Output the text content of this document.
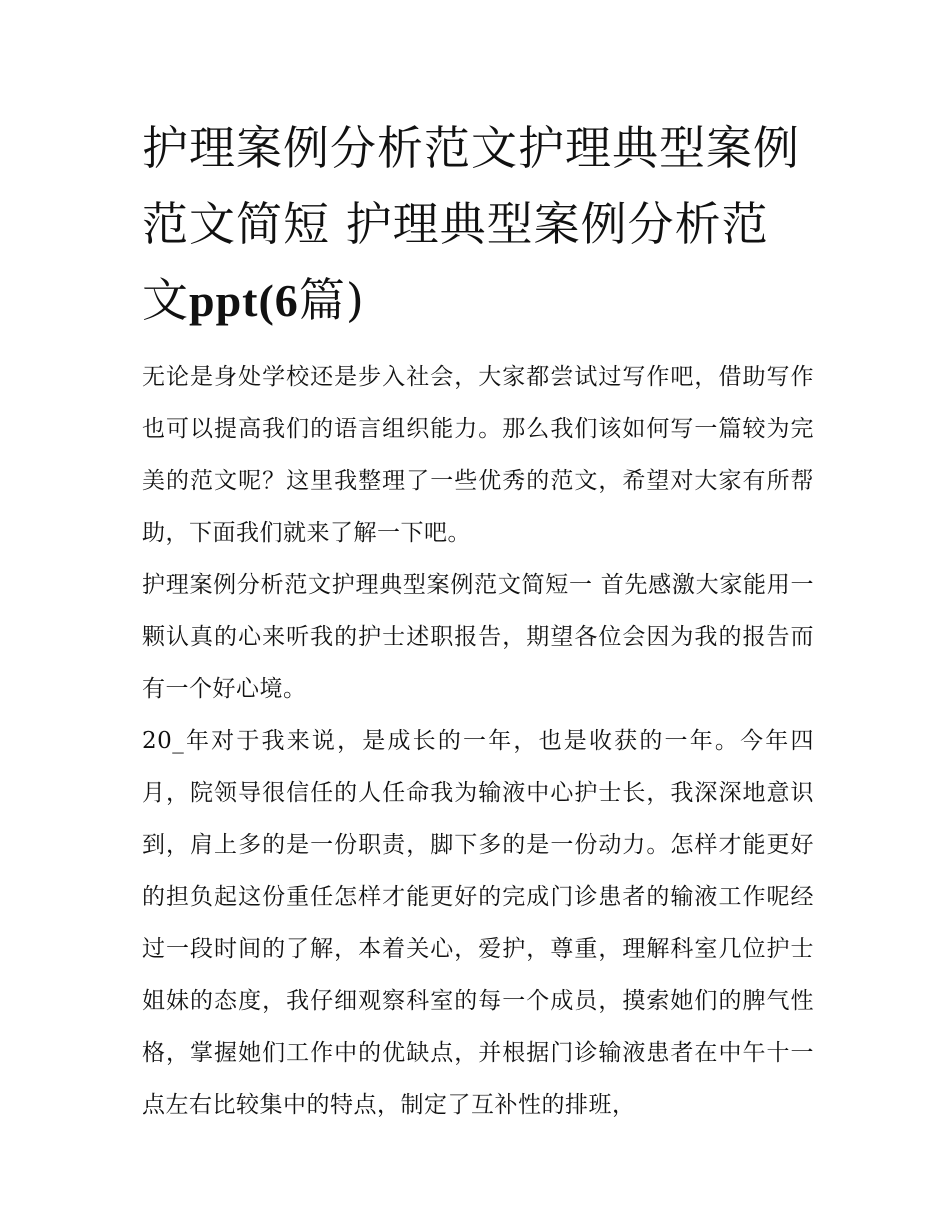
护理案例分析范文护理典型案例范文简短 护理典型案例分析范文ppt(6篇)

无论是身处学校还是步入社会，大家都尝试过写作吧，借助写作也可以提高我们的语言组织能力。那么我们该如何写一篇较为完美的范文呢？这里我整理了一些优秀的范文，希望对大家有所帮助，下面我们就来了解一下吧。

护理案例分析范文护理典型案例范文简短一 首先感激大家能用一颗认真的心来听我的护士述职报告，期望各位会因为我的报告而有一个好心境。

20_年对于我来说，是成长的一年，也是收获的一年。今年四月，院领导很信任的人任命我为输液中心护士长，我深深地意识到，肩上多的是一份职责，脚下多的是一份动力。怎样才能更好的担负起这份重任怎样才能更好的完成门诊患者的输液工作呢经过一段时间的了解，本着关心，爱护，尊重，理解科室几位护士姐妹的态度，我仔细观察科室的每一个成员，摸索她们的脾气性格，掌握她们工作中的优缺点，并根据门诊输液患者在中午十一点左右比较集中的特点，制定了互补性的排班，
